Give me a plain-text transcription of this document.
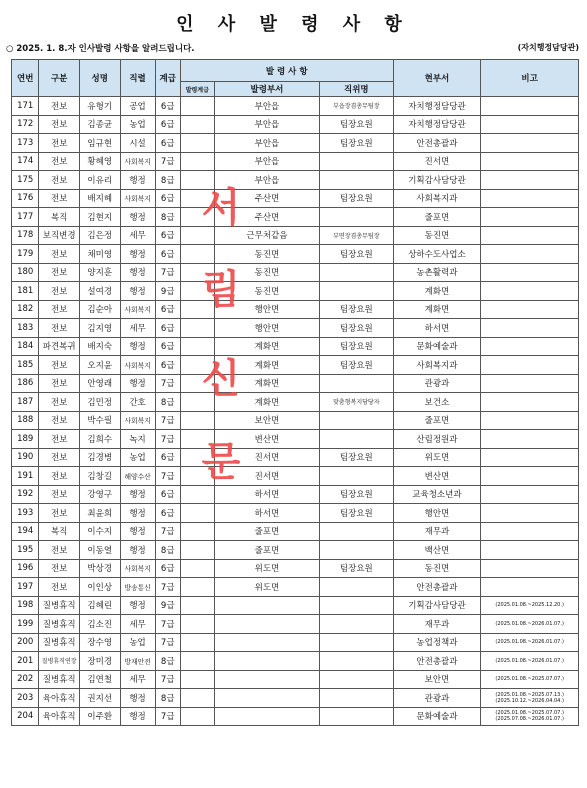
인 사 발 령 사 항
○ 2025. 1. 8.자 인사발령 사항을 알려드립니다.	(자치행정담당관)
연번	구분	성명	직렬	계급	발 령 사 항			현부서	비고
					발령계급	발령부서	직위명		
171	전보	유형기	공업	6급		부안읍	부읍장겸총무팀장	자치행정담당관	
172	전보	김종균	농업	6급		부안읍	팀장요원	자치행정담당관	
173	전보	임규현	시설	6급		부안읍	팀장요원	안전총괄과	
174	전보	황혜영	사회복지	7급		부안읍		진서면	
175	전보	이유리	행정	8급		부안읍		기획감사담당관	
176	전보	배지혜	사회복지	6급		주산면	팀장요원	사회복지과	
177	복직	김현지	행정	8급		주산면		줄포면	
178	보직변경	김은정	세무	6급		근무처같음	부면장겸총무팀장	동진면	
179	전보	채미영	행정	6급		동진면	팀장요원	상하수도사업소	
180	전보	양지훈	행정	7급		동진면		농촌활력과	
181	전보	설여경	행정	9급		동진면		계화면	
182	전보	김순아	사회복지	6급		행안면	팀장요원	계화면	
183	전보	김지영	세무	6급		행안면	팀장요원	하서면	
184	파견복귀	배지숙	행정	6급		계화면	팀장요원	문화예술과	
185	전보	오지윤	사회복지	6급		계화면	팀장요원	사회복지과	
186	전보	안영래	행정	7급		계화면		관광과	
187	전보	김민정	간호	8급		계화면	맞춤형복지담당자	보건소	
188	전보	박수필	사회복지	7급		보안면		줄포면	
189	전보	김희수	녹지	7급		변산면		산림정원과	
190	전보	김경병	농업	6급		진서면	팀장요원	위도면	
191	전보	김창길	해양수산	7급		진서면		변산면	
192	전보	강영구	행정	6급		하서면	팀장요원	교육청소년과	
193	전보	최윤희	행정	6급		하서면	팀장요원	행안면	
194	복직	이수지	행정	7급		줄포면		재무과	
195	전보	이동열	행정	8급		줄포면		백산면	
196	전보	박상경	사회복지	6급		위도면	팀장요원	동진면	
197	전보	이인상	방송통신	7급		위도면		안전총괄과	
198	질병휴직	김혜린	행정	9급				기획감사담당관	(2025.01.08.~2025.12.20.)
199	질병휴직	김소진	세무	7급				재무과	(2025.01.08.~2026.01.07.)
200	질병휴직	장수영	농업	7급				농업정책과	(2025.01.08.~2026.01.07.)
201	질병휴직연장	장미경	방재안전	8급				안전총괄과	(2025.01.08.~2026.01.07.)
202	질병휴직	김연철	세무	7급				보안면	(2025.01.08.~2025.07.07.)
203	육아휴직	권지선	행정	8급				관광과	(2025.01.08.~2025.07.13.) (2025.10.12.~2026.04.04.)
204	육아휴직	이주환	행정	7급				문화예술과	(2025.01.08.~2025.07.07.) (2025.07.08.~2026.01.07.)
서
림
신
문
